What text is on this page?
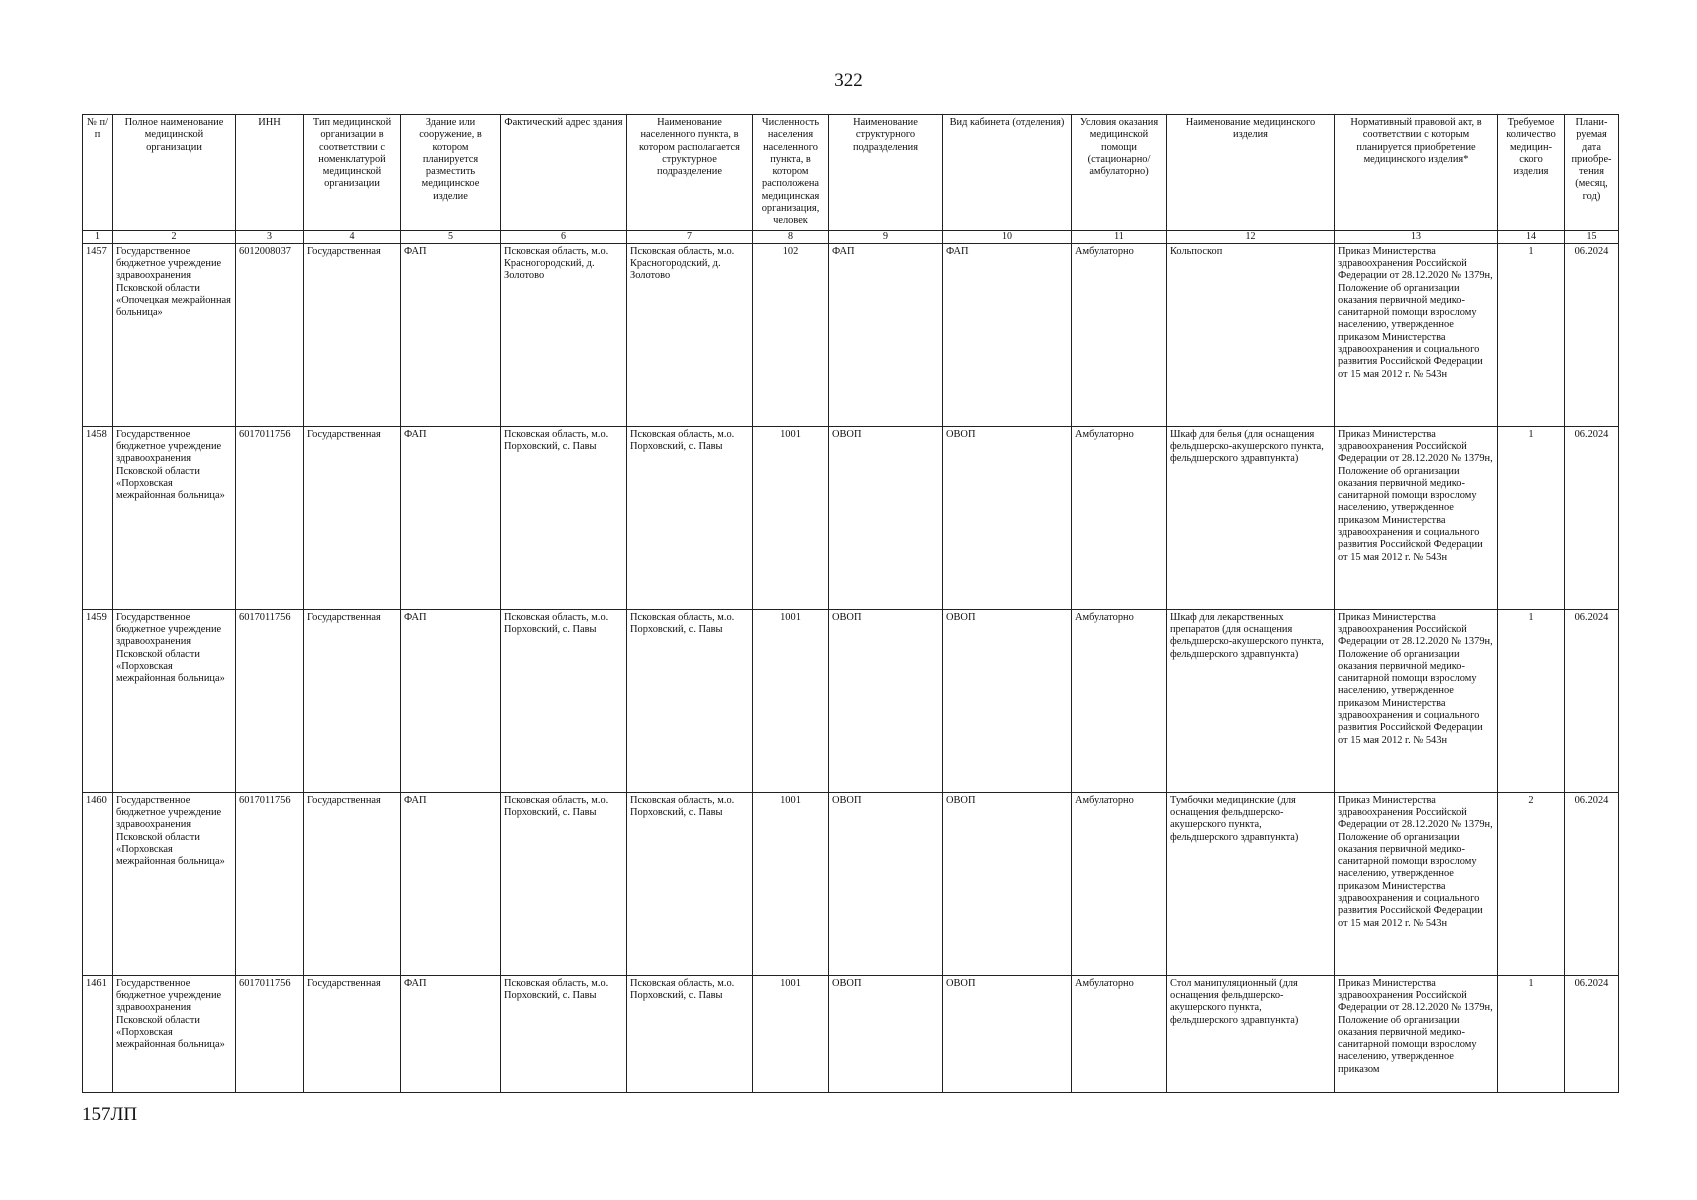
322
№ п/п	Полное наименование медицинской организации	ИНН	Тип медицинской организации в соответствии с номенклатурой медицинской организации	Здание или сооружение, в котором планируется разместить медицинское изделие	Фактический адрес здания	Наименование населенного пункта, в котором располагается структурное подразделение	Численность населения населенного пункта, в котором расположена медицинская организация, человек	Наименование структурного подразделения	Вид кабинета (отделения)	Условия оказания медицинской помощи (стационарно/ амбулаторно)	Наименование медицинского изделия	Нормативный правовой акт, в соответствии с которым планируется приобретение медицинского изделия*	Требуемое количество медицин-ского изделия	Плани-руемая дата приобре-тения (месяц, год)
1	2	3	4	5	6	7	8	9	10	11	12	13	14	15
1457	Государственное бюджетное учреждение здравоохранения Псковской области «Опочецкая межрайонная больница»	6012008037	Государственная	ФАП	Псковская область, м.о. Красногородский, д. Золотово	Псковская область, м.о. Красногородский, д. Золотово	102	ФАП	ФАП	Амбулаторно	Кольпоскоп	Приказ Министерства здравоохранения Российской Федерации от 28.12.2020 № 1379н, Положение об организации оказания первичной медико-санитарной помощи взрослому населению, утвержденное приказом Министерства здравоохранения и социального развития Российской Федерации от 15 мая 2012 г. № 543н	1	06.2024
1458	Государственное бюджетное учреждение здравоохранения Псковской области «Порховская межрайонная больница»	6017011756	Государственная	ФАП	Псковская область, м.о. Порховский, с. Павы	Псковская область, м.о. Порховский, с. Павы	1001	ОВОП	ОВОП	Амбулаторно	Шкаф для белья (для оснащения фельдшерско-акушерского пункта, фельдшерского здравпункта)	Приказ Министерства здравоохранения Российской Федерации от 28.12.2020 № 1379н, Положение об организации оказания первичной медико-санитарной помощи взрослому населению, утвержденное приказом Министерства здравоохранения и социального развития Российской Федерации от 15 мая 2012 г. № 543н	1	06.2024
1459	Государственное бюджетное учреждение здравоохранения Псковской области «Порховская межрайонная больница»	6017011756	Государственная	ФАП	Псковская область, м.о. Порховский, с. Павы	Псковская область, м.о. Порховский, с. Павы	1001	ОВОП	ОВОП	Амбулаторно	Шкаф для лекарственных препаратов (для оснащения фельдшерско-акушерского пункта, фельдшерского здравпункта)	Приказ Министерства здравоохранения Российской Федерации от 28.12.2020 № 1379н, Положение об организации оказания первичной медико-санитарной помощи взрослому населению, утвержденное приказом Министерства здравоохранения и социального развития Российской Федерации от 15 мая 2012 г. № 543н	1	06.2024
1460	Государственное бюджетное учреждение здравоохранения Псковской области «Порховская межрайонная больница»	6017011756	Государственная	ФАП	Псковская область, м.о. Порховский, с. Павы	Псковская область, м.о. Порховский, с. Павы	1001	ОВОП	ОВОП	Амбулаторно	Тумбочки медицинские (для оснащения фельдшерско-акушерского пункта, фельдшерского здравпункта)	Приказ Министерства здравоохранения Российской Федерации от 28.12.2020 № 1379н, Положение об организации оказания первичной медико-санитарной помощи взрослому населению, утвержденное приказом Министерства здравоохранения и социального развития Российской Федерации от 15 мая 2012 г. № 543н	2	06.2024
1461	Государственное бюджетное учреждение здравоохранения Псковской области «Порховская межрайонная больница»	6017011756	Государственная	ФАП	Псковская область, м.о. Порховский, с. Павы	Псковская область, м.о. Порховский, с. Павы	1001	ОВОП	ОВОП	Амбулаторно	Стол манипуляционный (для оснащения фельдшерско-акушерского пункта, фельдшерского здравпункта)	Приказ Министерства здравоохранения Российской Федерации от 28.12.2020 № 1379н, Положение об организации оказания первичной медико-санитарной помощи взрослому населению, утвержденное приказом	1	06.2024
157ЛП
